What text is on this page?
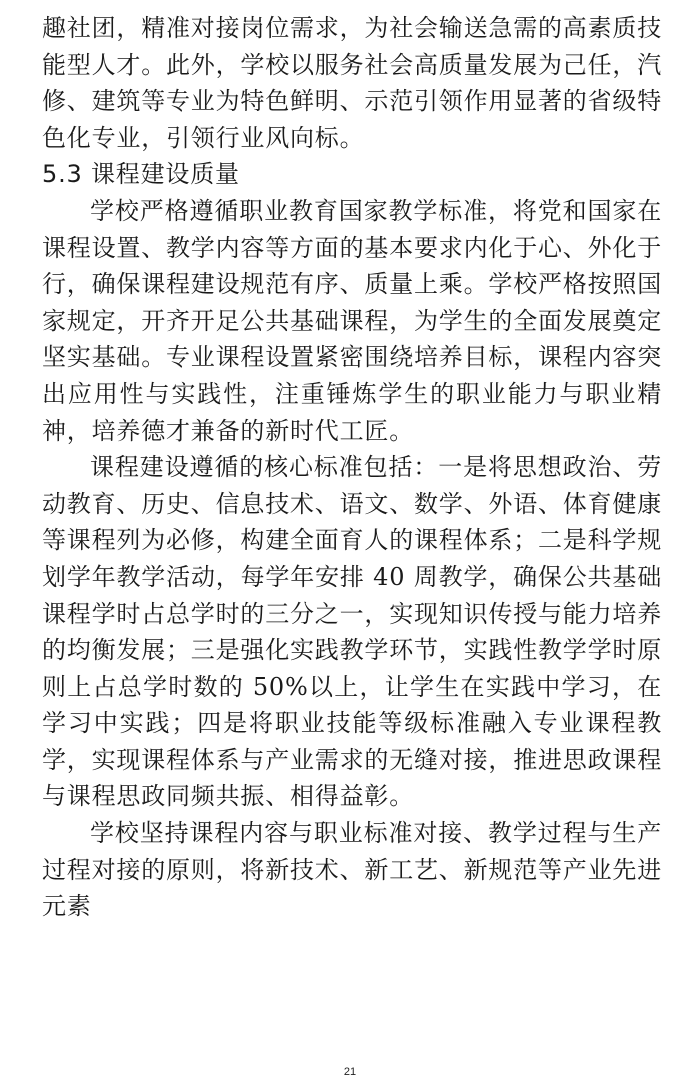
趣社团，精准对接岗位需求，为社会输送急需的高素质技能型人才。此外，学校以服务社会高质量发展为己任，汽修、建筑等专业为特色鲜明、示范引领作用显著的省级特色化专业，引领行业风向标。

5.3 课程建设质量

学校严格遵循职业教育国家教学标准，将党和国家在课程设置、教学内容等方面的基本要求内化于心、外化于行，确保课程建设规范有序、质量上乘。学校严格按照国家规定，开齐开足公共基础课程，为学生的全面发展奠定坚实基础。专业课程设置紧密围绕培养目标，课程内容突出应用性与实践性，注重锤炼学生的职业能力与职业精神，培养德才兼备的新时代工匠。

课程建设遵循的核心标准包括：一是将思想政治、劳动教育、历史、信息技术、语文、数学、外语、体育健康等课程列为必修，构建全面育人的课程体系；二是科学规划学年教学活动，每学年安排 40 周教学，确保公共基础课程学时占总学时的三分之一，实现知识传授与能力培养的均衡发展；三是强化实践教学环节，实践性教学学时原则上占总学时数的 50%以上，让学生在实践中学习，在学习中实践；四是将职业技能等级标准融入专业课程教学，实现课程体系与产业需求的无缝对接，推进思政课程与课程思政同频共振、相得益彰。

学校坚持课程内容与职业标准对接、教学过程与生产过程对接的原则，将新技术、新工艺、新规范等产业先进元素

21
